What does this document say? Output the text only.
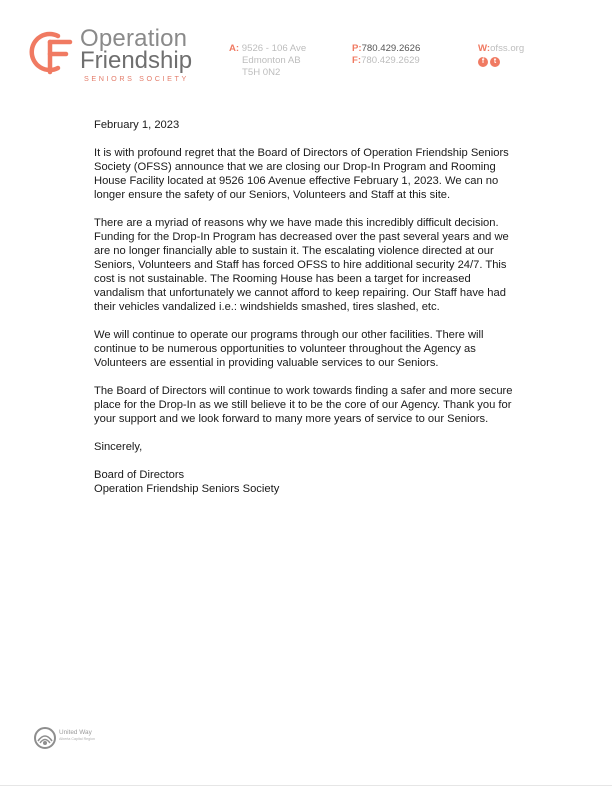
Operation
Friendship
SENIORS SOCIETY
A: 9526 - 106 Ave
Edmonton AB
T5H 0N2
P:780.429.2626
F:780.429.2629
W:ofss.org
f	t

February 1, 2023

It is with profound regret that the Board of Directors of Operation Friendship Seniors Society (OFSS) announce that we are closing our Drop-In Program and Rooming House Facility located at 9526 106 Avenue effective February 1, 2023. We can no longer ensure the safety of our Seniors, Volunteers and Staff at this site.

There are a myriad of reasons why we have made this incredibly difficult decision. Funding for the Drop-In Program has decreased over the past several years and we are no longer financially able to sustain it. The escalating violence directed at our Seniors, Volunteers and Staff has forced OFSS to hire additional security 24/7. This cost is not sustainable. The Rooming House has been a target for increased vandalism that unfortunately we cannot afford to keep repairing. Our Staff have had their vehicles vandalized i.e.: windshields smashed, tires slashed, etc.

We will continue to operate our programs through our other facilities. There will continue to be numerous opportunities to volunteer throughout the Agency as Volunteers are essential in providing valuable services to our Seniors.

The Board of Directors will continue to work towards finding a safer and more secure place for the Drop-In as we still believe it to be the core of our Agency. Thank you for your support and we look forward to many more years of service to our Seniors.

Sincerely,

Board of Directors

Operation Friendship Seniors Society

United Way
Alberta Capital Region
